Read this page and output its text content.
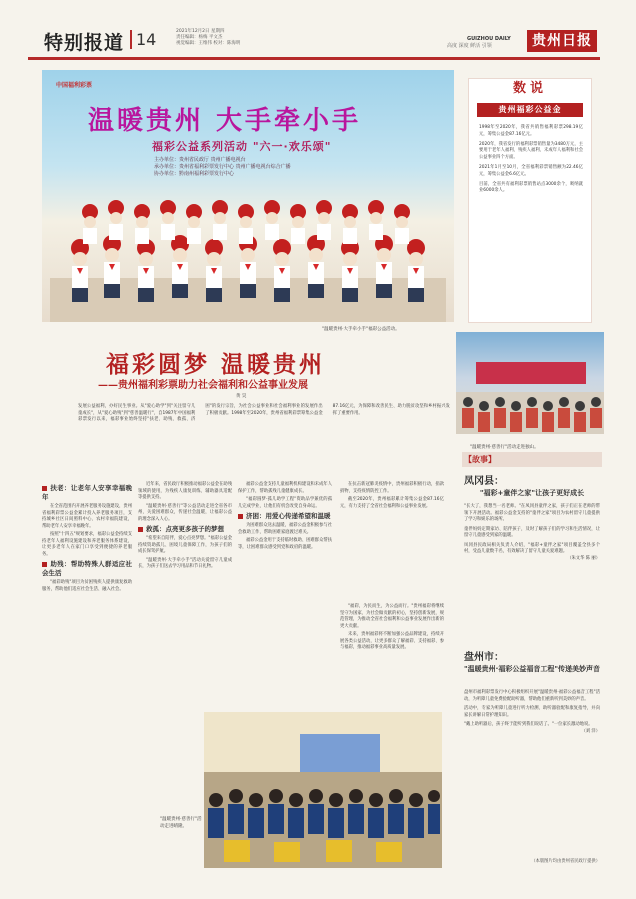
特别报道 14	2021年12月2日 星期四
责任编辑：杨梅 平文杰
视觉编辑：王维伟 校对：陈海明
GUIZHOU DAILY
高度 深度 鲜活 引领	贵州日报
中国福利彩票
温暖贵州 大手牵小手
福彩公益系列活动 "六一·欢乐颂"
主办单位：贵州省民政厅 贵州广播电视台
承办单位：贵州省福利彩票发行中心 贵州广播电视台综合广播
协办单位：黔南州福利彩票发行中心
"温暖贵州·大手牵小手"福彩公益活动。
数说
贵州福彩公益金

1998年至2020年，我省共销售福利彩票298.19亿元，筹集公益金87.16亿元。

2020年，我省发行的福利彩票销售量为3480万元，主要用于老年人福利、残疾人福利、未成年人福利和社会公益事业四个方面。

2021年1月至10月，全省福利彩票销售额为22.46亿元，筹集公益金6.6亿元。

目前，全省共有福利彩票销售站点3000余个，吸纳就业6000余人。

"温暖贵州·慈善行"活动走进独山。
福彩圆梦 温暖贵州
——贵州福利彩票助力社会福利和公益事业发展
黄 昊
发展公益福利，办好民生事业。从"爱心助学"到"关注留守儿童成长"，从"爱心助残"到"慈善温暖行"，自1987年中国福利彩票发行以来，福彩事业始终坚持"扶老、助残、救孤、济困"的发行宗旨，为社会公益事业和社会福利事业的发展作出了积极贡献。1998年至2020年，贵州省福利彩票筹集公益金87.16亿元，为保障和改善民生、助力脱贫攻坚和乡村振兴发挥了重要作用。
扶老：让老年人安享幸福晚年

在全省范围内开展养老服务设施建设，贵州省福利彩票公益金累计投入养老服务项目，支持城乡社区日间照料中心、农村幸福院建设，帮助老年人安享幸福晚年。

按照"十四五"规划要求，福彩公益金持续支持老年人福利设施建设和养老服务体系建设，让更多老年人在家门口享受到便捷的养老服务。

助残：帮助特殊人群适应社会生活

"福彩助残"项目为贫困残疾人提供康复救助服务，帮助他们适应社会生活、融入社会。

近年来，省民政厅积极推动福彩公益金在助残领域的使用，为残疾人康复训练、辅助器具适配等提供支持。

"温暖贵州·慈善行"等公益活动走进全省各市州，关爱困难群众，传递社会温暖，让福彩公益的理念深入人心。

救孤：点亮更多孩子的梦想

"希望来自陪伴，爱心点亮梦想。"福彩公益金持续资助孤儿、困境儿童保障工作，为孩子们的成长保驾护航。

"温暖贵州·大手牵小手"活动关爱留守儿童成长，为孩子们送去学习用品和节日礼物。

福彩公益金支持儿童福利机构建设和未成年人保护工作，帮助孤残儿童健康成长。

"福彩圆梦·孤儿助学工程"资助品学兼优的孤儿完成学业，让他们有机会改变自身命运。

济困：用爱心传递希望和温暖

为困难群众送去温暖，福彩公益金积极参与社会救助工作，帮助困难家庭渡过难关。

福彩公益金用于支持临时救助、困难群众帮扶等，让困难群众感受到党和政府的温暖。

在抗击新冠肺炎疫情中，贵州福彩积极行动，捐款捐物，支持疫情防控工作。

截至2020年，贵州福彩累计筹集公益金87.16亿元，有力支持了全省社会福利和公益事业发展。

"福彩，为民而生，为公益而行。"贵州福彩将继续坚守为国家、为社会做贡献的初心，坚持创新发展，规范管理，为推动全省社会福利和公益事业发展作出新的更大贡献。

未来，贵州福彩将不断加强公益品牌建设，持续开展各类公益活动，让更多群众了解福彩、支持福彩、参与福彩，推动福彩事业高质量发展。

"温暖贵州·慈善行"活动走进晴隆。
【故事】
凤冈县：
"福彩+童伴之家"让孩子更好成长

"长大了，我想当一名老师。"在凤冈县童伴之家，孩子们正在老师的带领下开展活动。福彩公益金支持的"童伴之家"项目为农村留守儿童提供了学习和娱乐的场所。

童伴妈妈定期家访、陪伴孩子，及时了解孩子们的学习和生活情况，让留守儿童感受到家的温暖。

凤冈县民政局相关负责人介绍，"福彩+童伴之家"项目覆盖全县多个村，受益儿童数千名，有效解决了留守儿童关爱难题。

（朱文华 陈 丽）

盘州市：
"温暖贵州·福彩公益福音工程"传递美妙声音

盘州市福利彩票发行中心积极组织开展"温暖贵州·福彩公益福音工程"活动，为听障儿童免费验配助听器，帮助他们重新听到美妙的声音。

活动中，专家为听障儿童进行听力检测、助听器验配和康复指导，并向家长讲解日常护理知识。

"戴上助听器后，孩子终于能听到我们说话了。"一位家长激动地说。

（刘 洋）

（本版图片均由贵州省民政厅提供）
